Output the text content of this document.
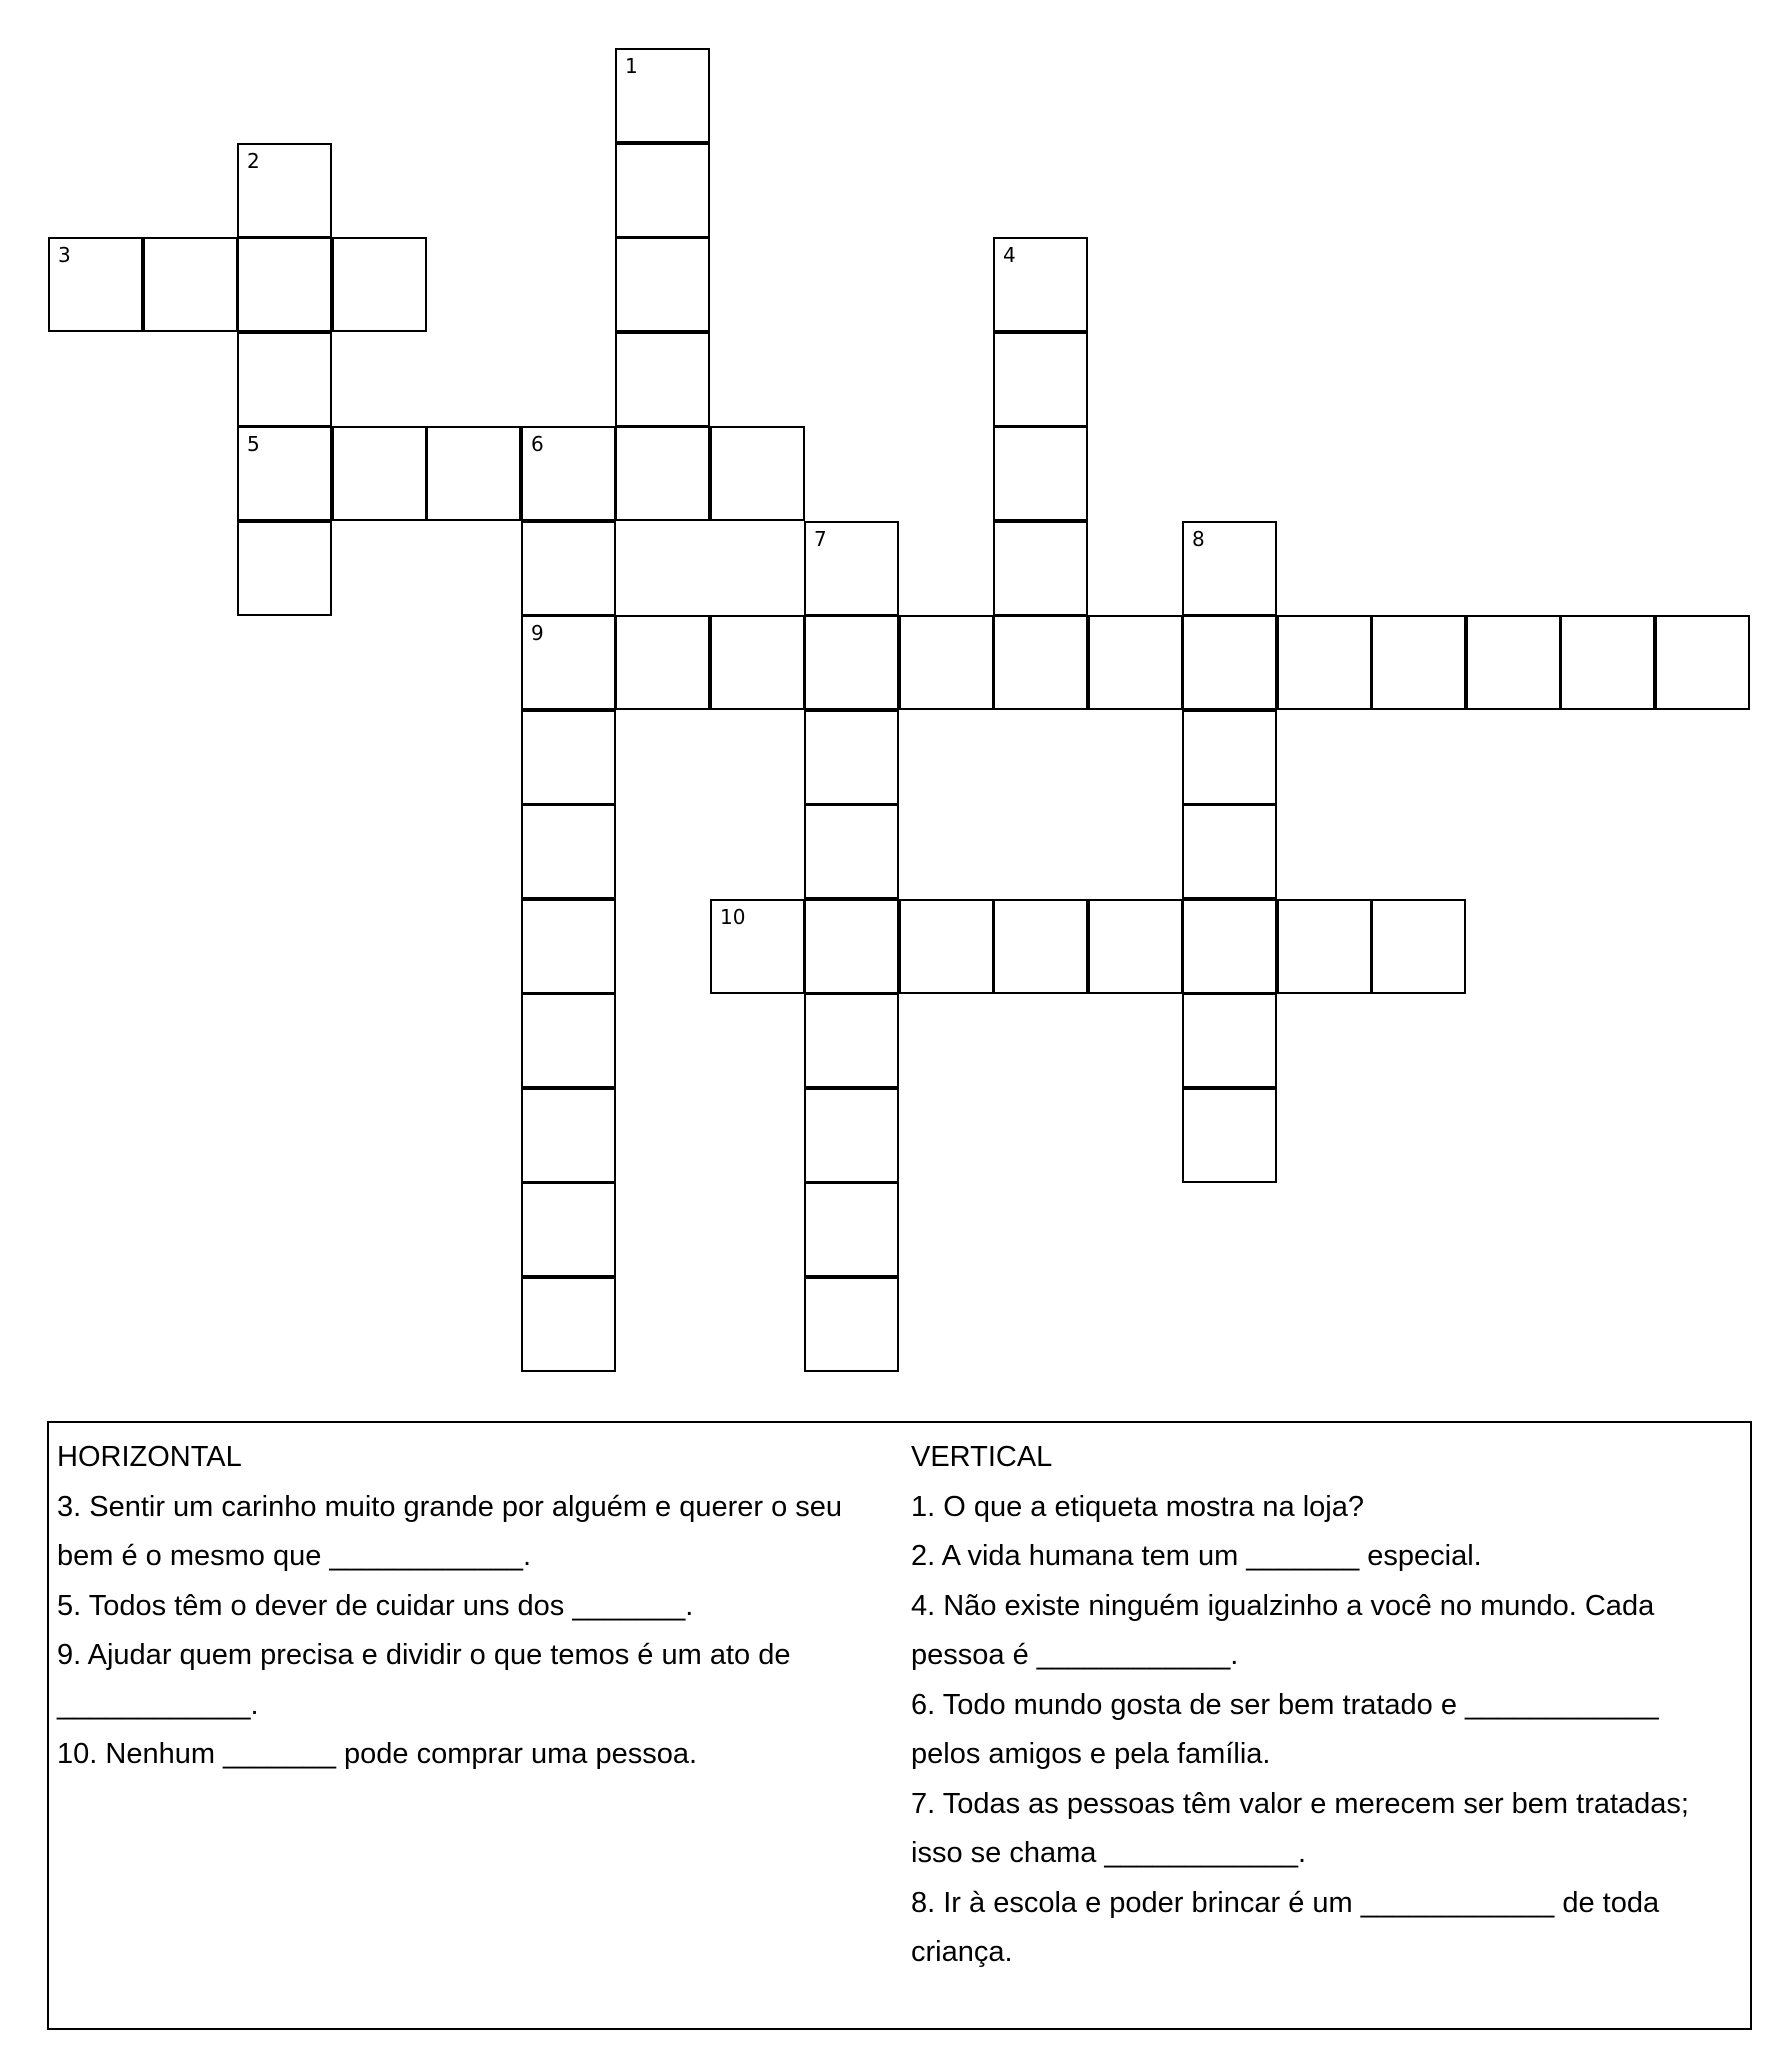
1
2
5
3	4
6
9
7	8
10
HORIZONTAL
3. Sentir um carinho muito grande por alguém e querer o seu
bem é o mesmo que ____________.
5. Todos têm o dever de cuidar uns dos _______.
9. Ajudar quem precisa e dividir o que temos é um ato de
____________.
10. Nenhum _______ pode comprar uma pessoa.
VERTICAL
1. O que a etiqueta mostra na loja?
2. A vida humana tem um _______ especial.
4. Não existe ninguém igualzinho a você no mundo. Cada
pessoa é ____________.
6. Todo mundo gosta de ser bem tratado e ____________
pelos amigos e pela família.
7. Todas as pessoas têm valor e merecem ser bem tratadas;
isso se chama ____________.
8. Ir à escola e poder brincar é um ____________ de toda
criança.
